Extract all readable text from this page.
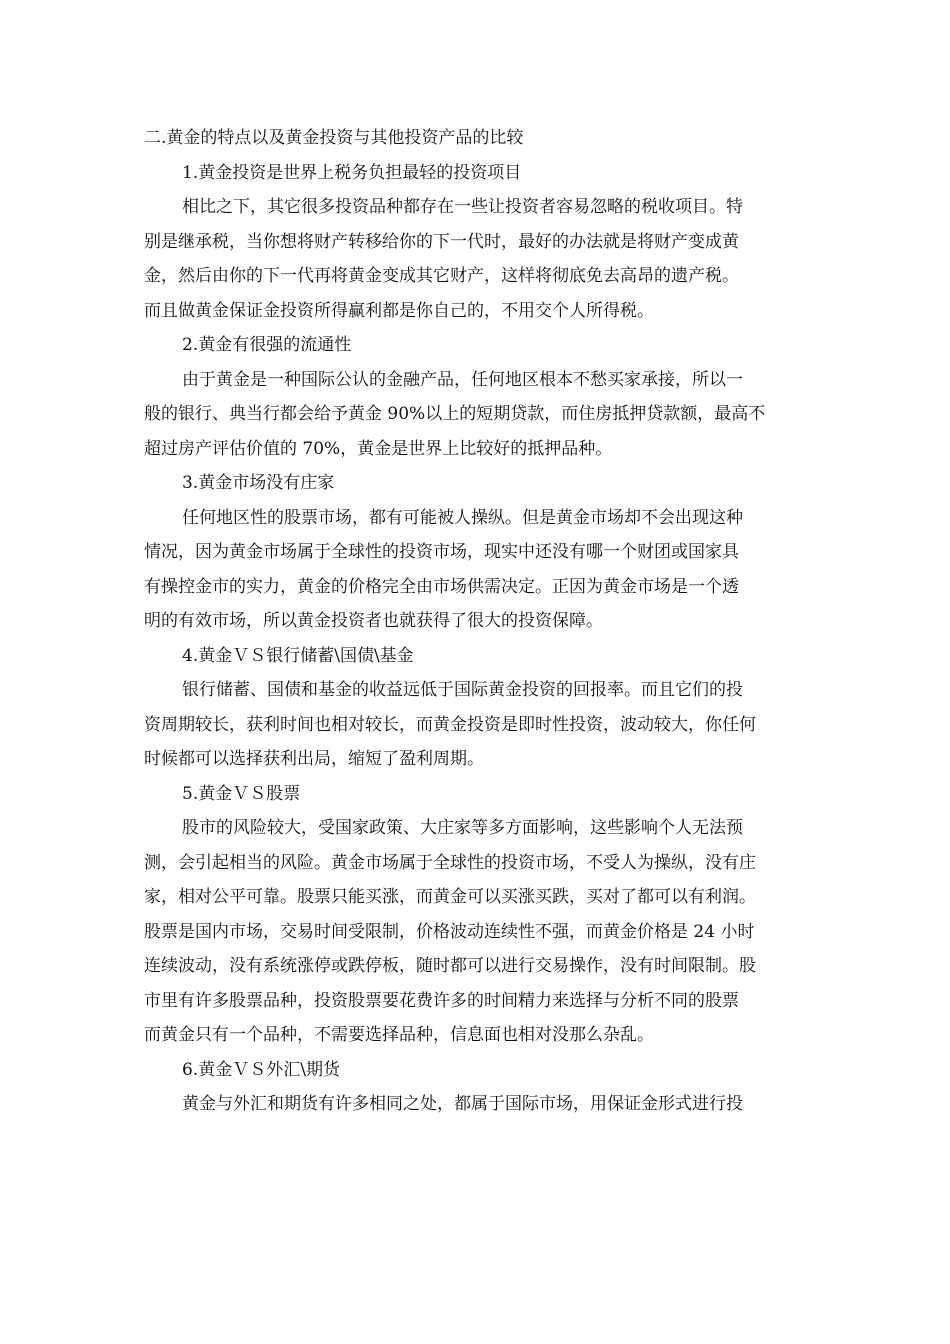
二.黄金的特点以及黄金投资与其他投资产品的比较
1.黄金投资是世界上税务负担最轻的投资项目
相比之下，其它很多投资品种都存在一些让投资者容易忽略的税收项目。特
别是继承税，当你想将财产转移给你的下一代时，最好的办法就是将财产变成黄
金，然后由你的下一代再将黄金变成其它财产，这样将彻底免去高昂的遗产税。
而且做黄金保证金投资所得赢利都是你自己的，不用交个人所得税。
2.黄金有很强的流通性
由于黄金是一种国际公认的金融产品，任何地区根本不愁买家承接，所以一
般的银行、典当行都会给予黄金 90%以上的短期贷款，而住房抵押贷款额，最高不
超过房产评估价值的 70%，黄金是世界上比较好的抵押品种。
3.黄金市场没有庄家
任何地区性的股票市场，都有可能被人操纵。但是黄金市场却不会出现这种
情况，因为黄金市场属于全球性的投资市场，现实中还没有哪一个财团或国家具
有操控金市的实力，黄金的价格完全由市场供需决定。正因为黄金市场是一个透
明的有效市场，所以黄金投资者也就获得了很大的投资保障。
4.黄金ＶＳ银行储蓄\国债\基金
银行储蓄、国债和基金的收益远低于国际黄金投资的回报率。而且它们的投
资周期较长，获利时间也相对较长，而黄金投资是即时性投资，波动较大，你任何
时候都可以选择获利出局，缩短了盈利周期。
5.黄金ＶＳ股票
股市的风险较大，受国家政策、大庄家等多方面影响，这些影响个人无法预
测，会引起相当的风险。黄金市场属于全球性的投资市场，不受人为操纵，没有庄
家，相对公平可靠。股票只能买涨，而黄金可以买涨买跌，买对了都可以有利润。
股票是国内市场，交易时间受限制，价格波动连续性不强，而黄金价格是 24 小时
连续波动，没有系统涨停或跌停板，随时都可以进行交易操作，没有时间限制。股
市里有许多股票品种，投资股票要花费许多的时间精力来选择与分析不同的股票
而黄金只有一个品种，不需要选择品种，信息面也相对没那么杂乱。
6.黄金ＶＳ外汇\期货
黄金与外汇和期货有许多相同之处，都属于国际市场，用保证金形式进行投
